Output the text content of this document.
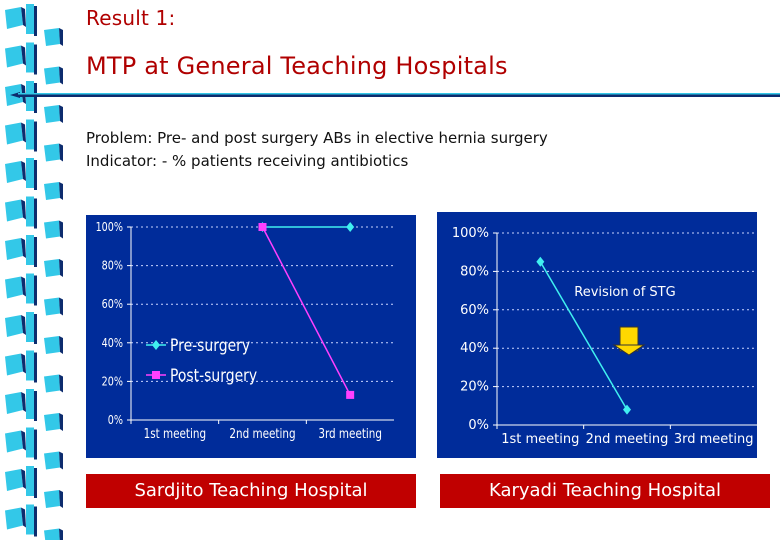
Result 1:
MTP at General Teaching Hospitals
Problem: Pre- and post surgery ABs in elective hernia surgery
Indicator: - % patients receiving antibiotics
0%
20%
40%
60%
80%
100%
1st meeting 2nd meeting 3rd meeting
Pre-surgery
Post-surgery
0%
20%
40%
60%
80%
100%
1st meeting 2nd meeting 3rd meeting
Revision of STG
Sardjito Teaching Hospital	Karyadi Teaching Hospital
